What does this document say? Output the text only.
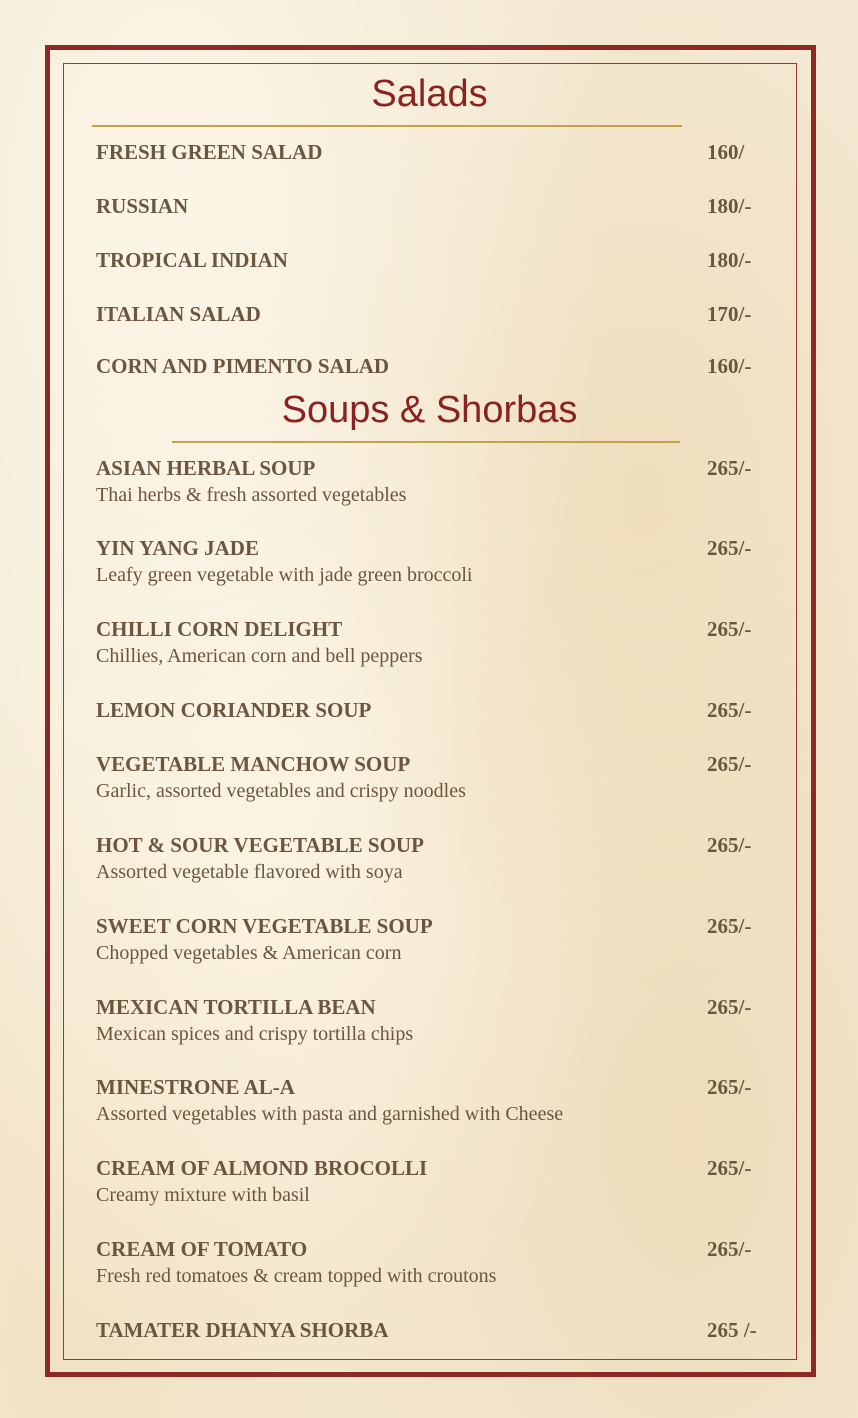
Salads
FRESH GREEN SALAD	160/
RUSSIAN	180/-
TROPICAL INDIAN	180/-
ITALIAN SALAD	170/-
CORN AND PIMENTO SALAD	160/-
Soups & Shorbas
ASIAN HERBAL SOUP	265/-
Thai herbs & fresh assorted vegetables
YIN YANG JADE	265/-
Leafy green vegetable with jade green broccoli
CHILLI CORN DELIGHT	265/-
Chillies, American corn and bell peppers
LEMON CORIANDER SOUP	265/-
VEGETABLE MANCHOW SOUP	265/-
Garlic, assorted vegetables and crispy noodles
HOT & SOUR VEGETABLE SOUP	265/-
Assorted vegetable flavored with soya
SWEET CORN VEGETABLE SOUP	265/-
Chopped vegetables & American corn
MEXICAN TORTILLA BEAN	265/-
Mexican spices and crispy tortilla chips
MINESTRONE AL-A	265/-
Assorted vegetables with pasta and garnished with Cheese
CREAM OF ALMOND BROCOLLI	265/-
Creamy mixture with basil
CREAM OF TOMATO	265/-
Fresh red tomatoes & cream topped with croutons
TAMATER DHANYA SHORBA	265 /-
